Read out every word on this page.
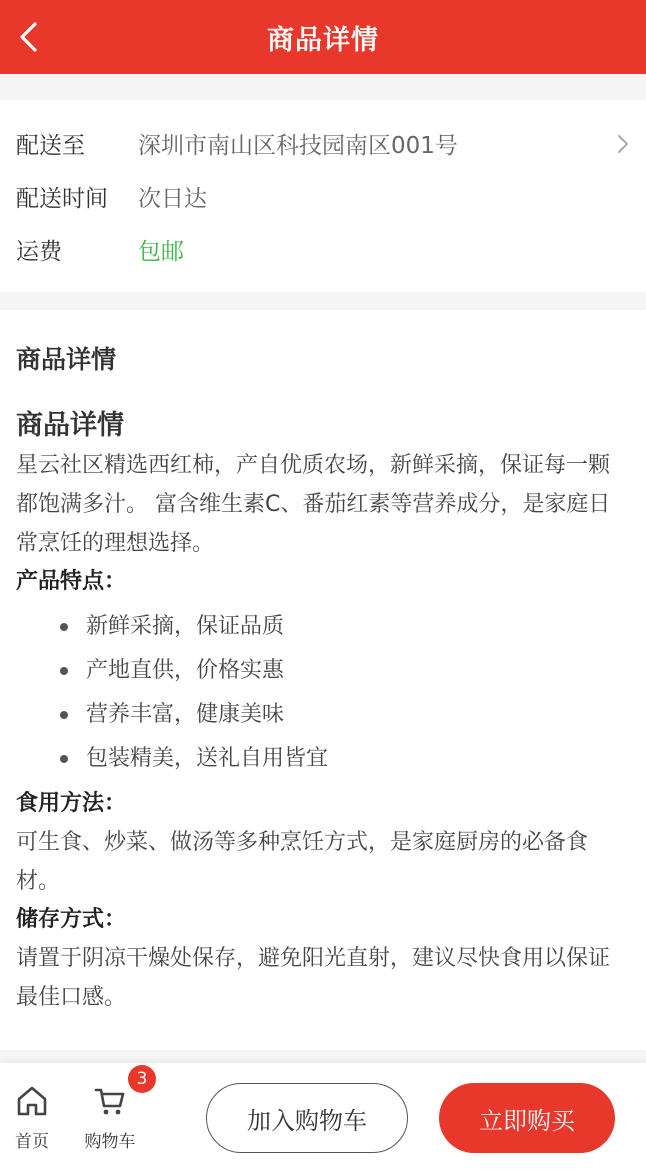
商品详情
配送至	深圳市南山区科技园南区001号
配送时间	次日达
运费	包邮
商品详情
商品详情

星云社区精选西红柿，产自优质农场，新鲜采摘，保证每一颗都饱满多汁。 富含维生素C、番茄红素等营养成分，是家庭日常烹饪的理想选择。

产品特点：
新鲜采摘，保证品质
产地直供，价格实惠
营养丰富，健康美味
包装精美，送礼自用皆宜
食用方法：

可生食、炒菜、做汤等多种烹饪方式，是家庭厨房的必备食材。

储存方式：

请置于阴凉干燥处保存，避免阳光直射，建议尽快食用以保证最佳口感。

首页	购物车
3
加入购物车	立即购买
